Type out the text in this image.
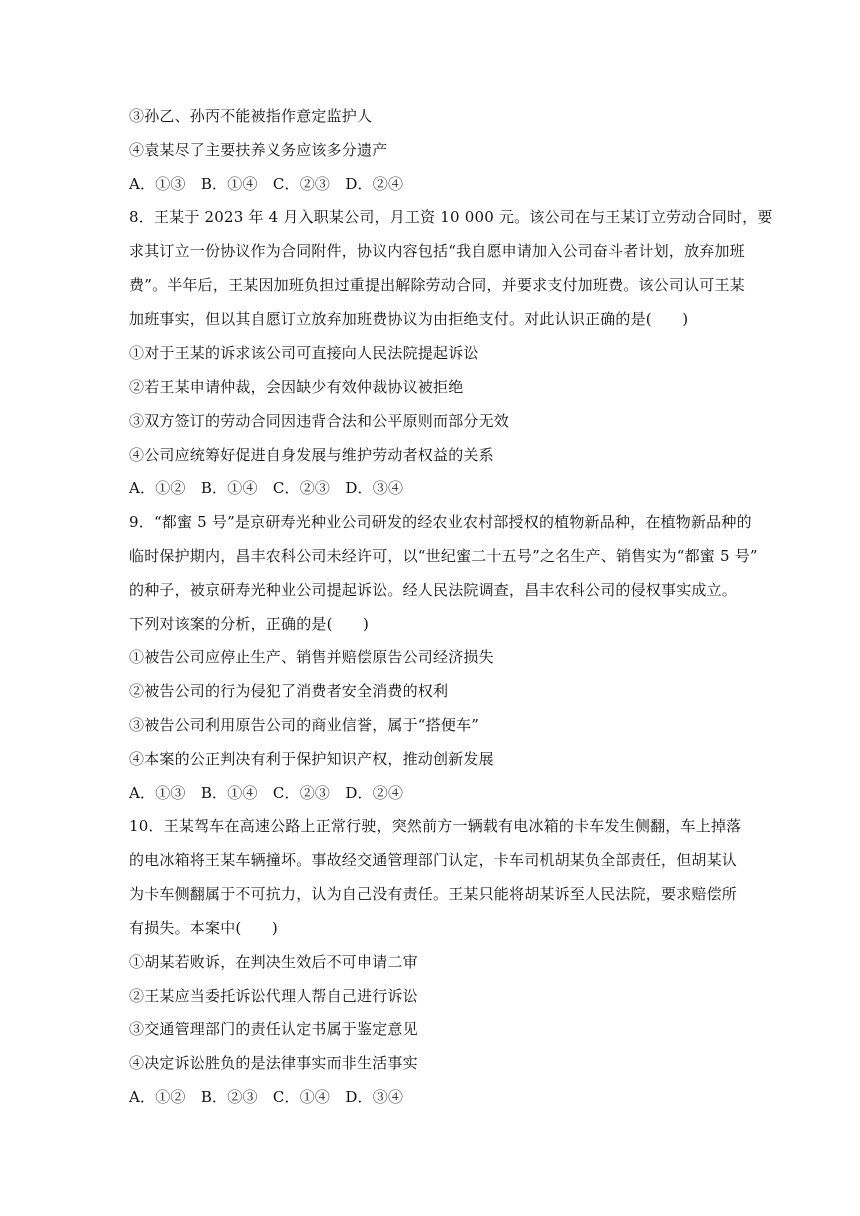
③孙乙、孙丙不能被指作意定监护人
④袁某尽了主要扶养义务应该多分遗产
A．①③　B．①④　C．②③　D．②④
8．王某于 2023 年 4 月入职某公司，月工资 10 000 元。该公司在与王某订立劳动合同时，要
求其订立一份协议作为合同附件，协议内容包括“我自愿申请加入公司奋斗者计划，放弃加班
费”。半年后，王某因加班负担过重提出解除劳动合同，并要求支付加班费。该公司认可王某
加班事实，但以其自愿订立放弃加班费协议为由拒绝支付。对此认识正确的是(　　)
①对于王某的诉求该公司可直接向人民法院提起诉讼
②若王某申请仲裁，会因缺少有效仲裁协议被拒绝
③双方签订的劳动合同因违背合法和公平原则而部分无效
④公司应统筹好促进自身发展与维护劳动者权益的关系
A．①②　B．①④　C．②③　D．③④
9．“都蜜 5 号”是京研寿光种业公司研发的经农业农村部授权的植物新品种，在植物新品种的
临时保护期内，昌丰农科公司未经许可，以“世纪蜜二十五号”之名生产、销售实为“都蜜 5 号”
的种子，被京研寿光种业公司提起诉讼。经人民法院调查，昌丰农科公司的侵权事实成立。
下列对该案的分析，正确的是(　　)
①被告公司应停止生产、销售并赔偿原告公司经济损失
②被告公司的行为侵犯了消费者安全消费的权利
③被告公司利用原告公司的商业信誉，属于“搭便车”
④本案的公正判决有利于保护知识产权，推动创新发展
A．①③　B．①④　C．②③　D．②④
10．王某驾车在高速公路上正常行驶，突然前方一辆载有电冰箱的卡车发生侧翻，车上掉落
的电冰箱将王某车辆撞坏。事故经交通管理部门认定，卡车司机胡某负全部责任，但胡某认
为卡车侧翻属于不可抗力，认为自己没有责任。王某只能将胡某诉至人民法院，要求赔偿所
有损失。本案中(　　)
①胡某若败诉，在判决生效后不可申请二审
②王某应当委托诉讼代理人帮自己进行诉讼
③交通管理部门的责任认定书属于鉴定意见
④决定诉讼胜负的是法律事实而非生活事实
A．①②　B．②③　C．①④　D．③④
